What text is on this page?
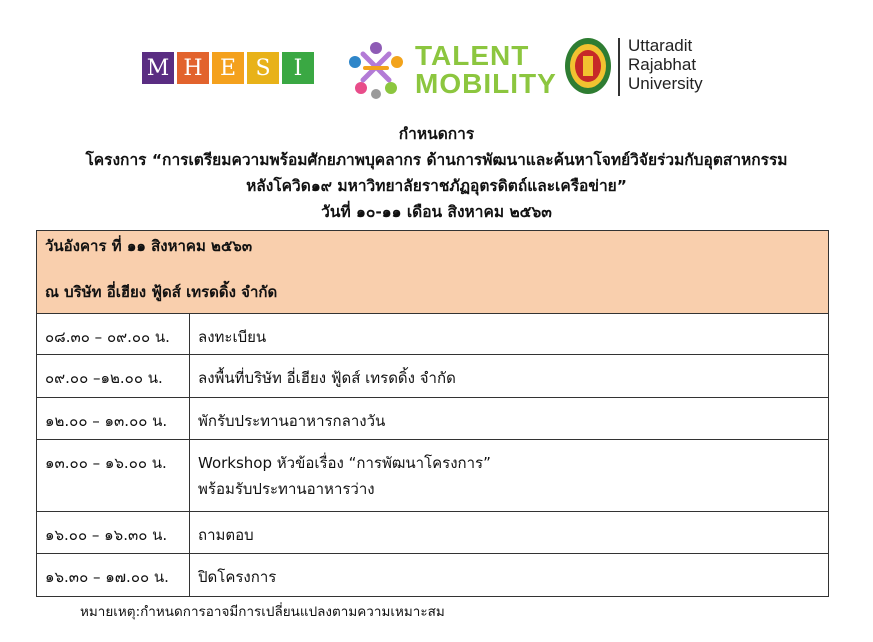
M H E S	I	TALENT
MOBILITY
Uttaradit
Rajabhat
University
กำหนดการ
โครงการ “การเตรียมความพร้อมศักยภาพบุคลากร ด้านการพัฒนาและค้นหาโจทย์วิจัยร่วมกับอุตสาหกรรม
หลังโควิด๑๙ มหาวิทยาลัยราชภัฏอุตรดิตถ์และเครือข่าย”
วันที่ ๑๐-๑๑ เดือน สิงหาคม ๒๕๖๓
วันอังคาร ที่ ๑๑ สิงหาคม ๒๕๖๓
ณ บริษัท อี่เฮียง ฟู้ดส์ เทรดดิ้ง จำกัด	

๐๘.๓๐ – ๐๙.๐๐ น.	ลงทะเบียน
๐๙.๐๐ –๑๒.๐๐ น.	ลงพื้นที่บริษัท อี่เฮียง ฟู้ดส์ เทรดดิ้ง จำกัด
๑๒.๐๐ – ๑๓.๐๐ น.	พักรับประทานอาหารกลางวัน
๑๓.๐๐ – ๑๖.๐๐ น.	Workshop หัวข้อเรื่อง “การพัฒนาโครงการ”
พร้อมรับประทานอาหารว่าง

๑๖.๐๐ – ๑๖.๓๐ น.	ถามตอบ
๑๖.๓๐ – ๑๗.๐๐ น.	ปิดโครงการ
หมายเหตุ:กำหนดการอาจมีการเปลี่ยนแปลงตามความเหมาะสม
